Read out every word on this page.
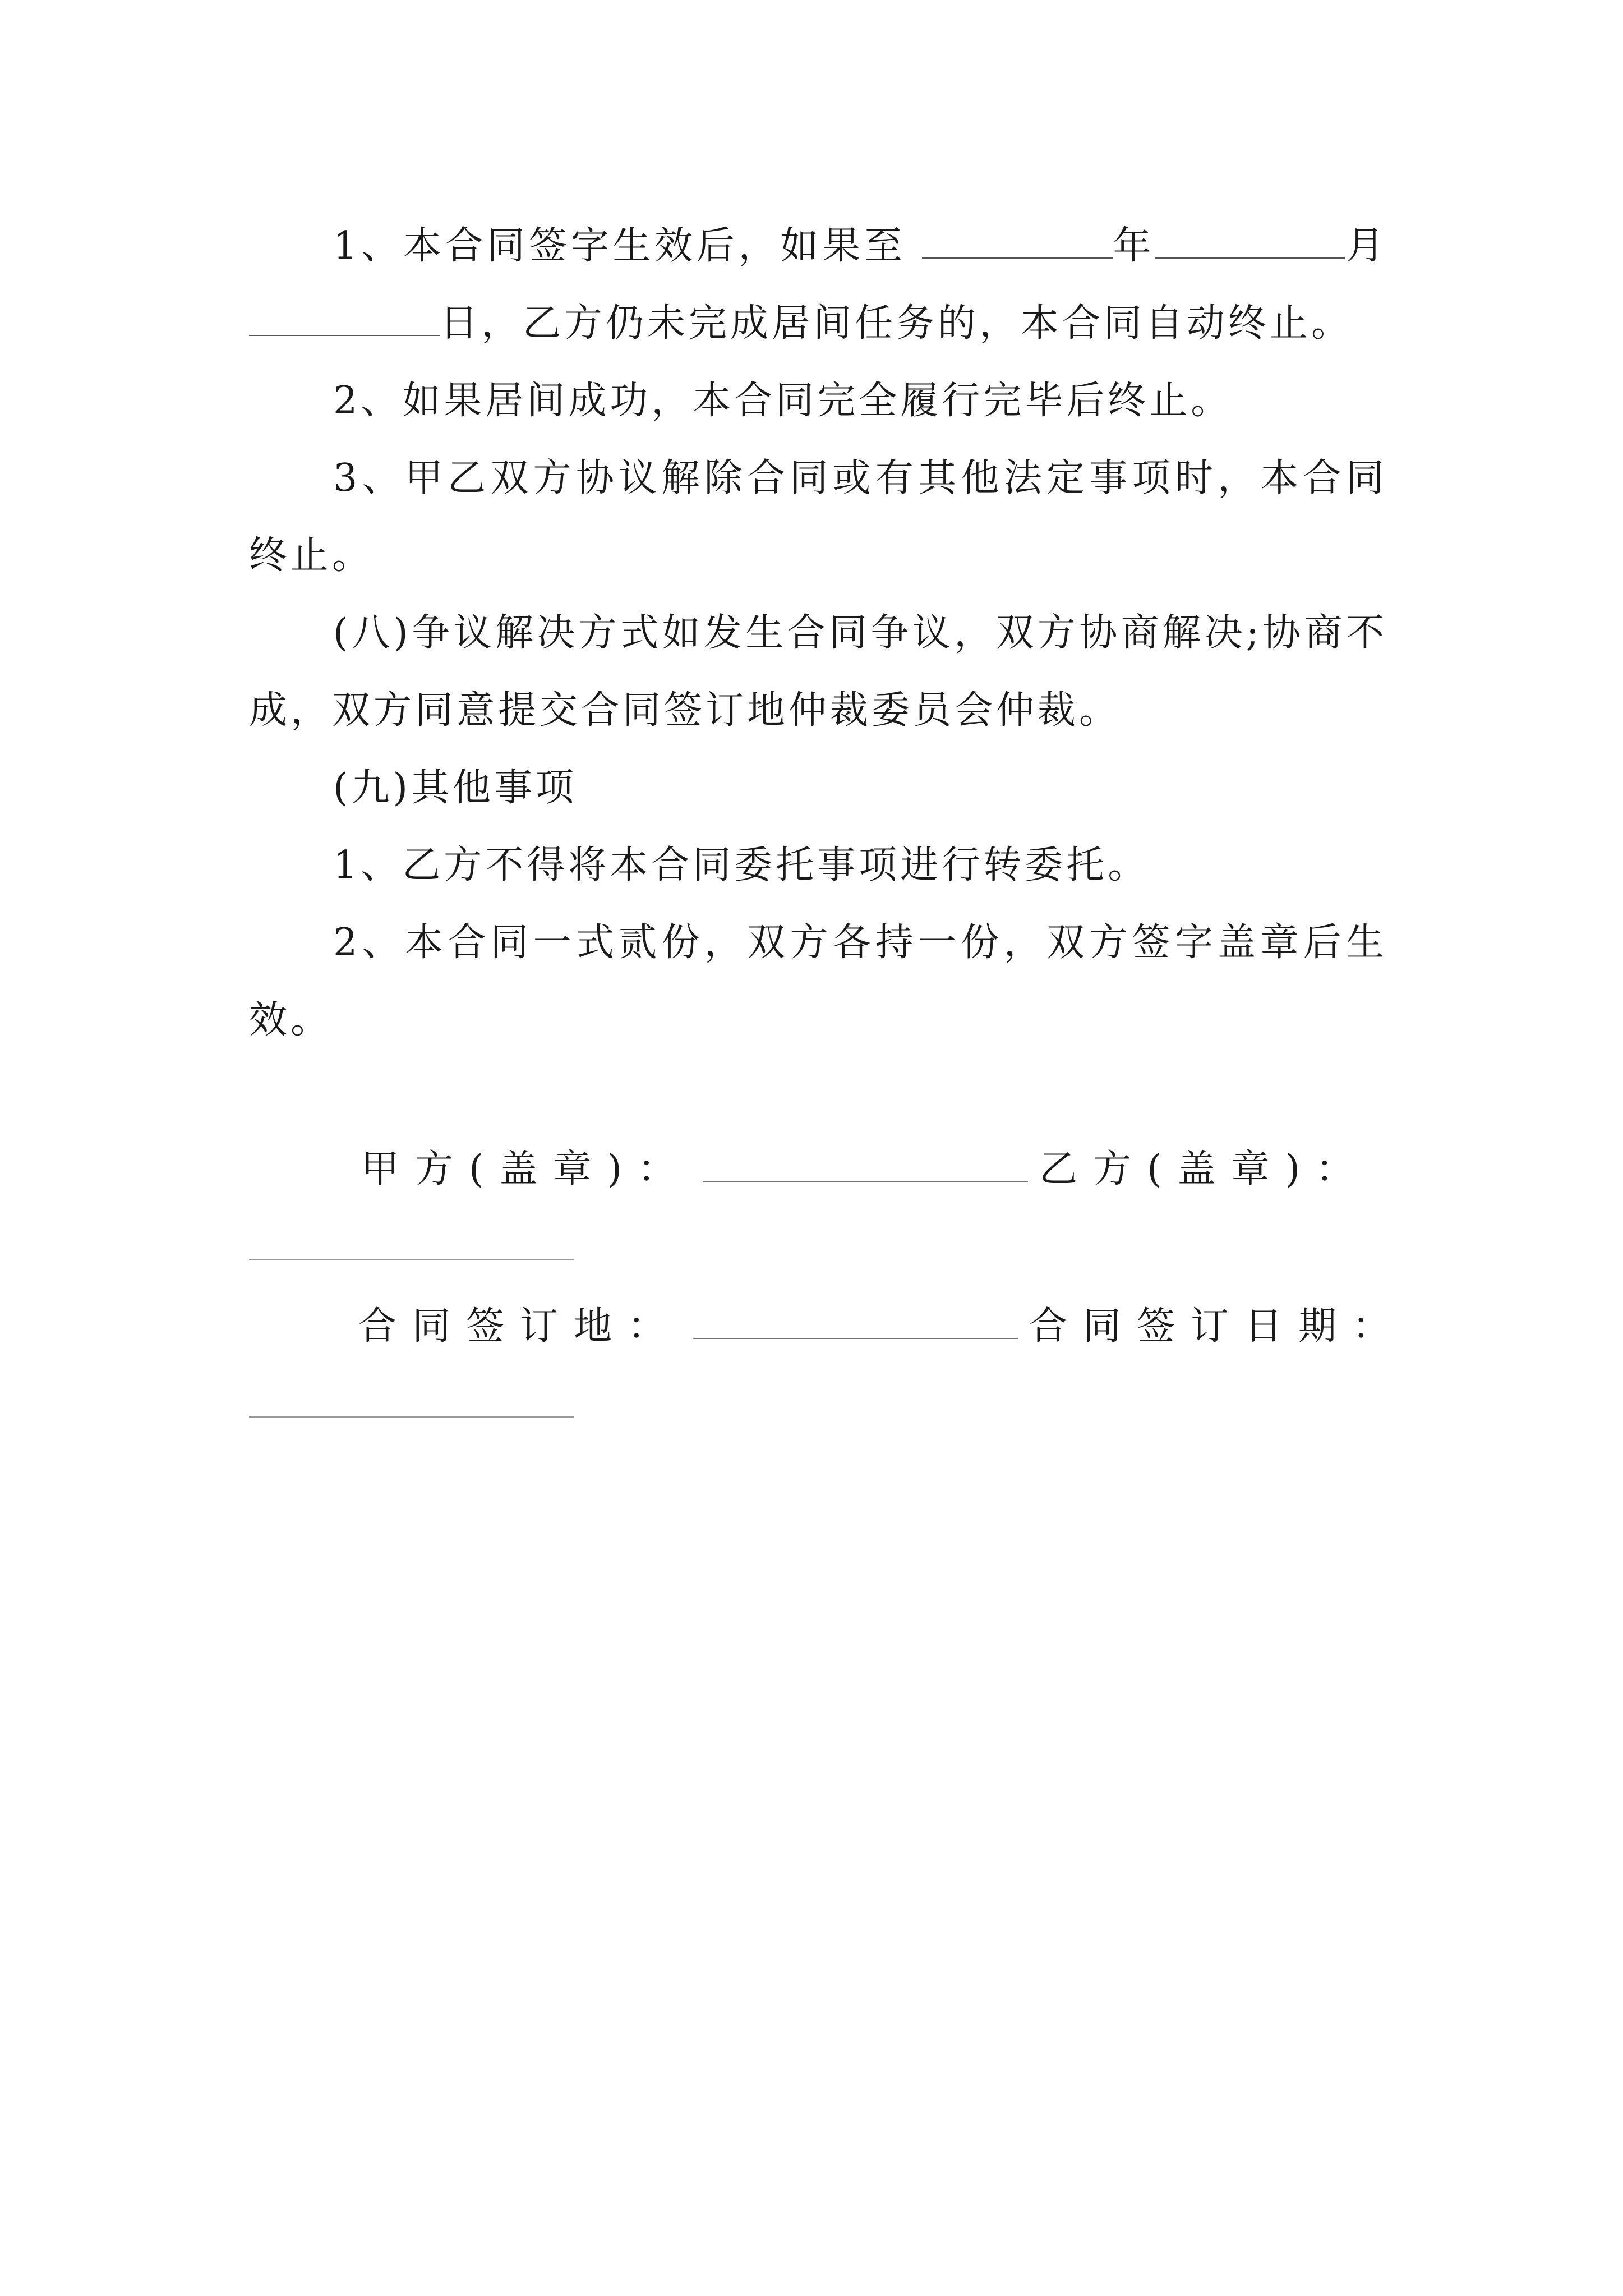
1、本合同签字生效后，如果至	年	月日，乙方仍未完成居间任务的，本合同自动终止。

2、如果居间成功，本合同完全履行完毕后终止。

3、甲乙双方协议解除合同或有其他法定事项时，本合同终止。

(八)争议解决方式如发生合同争议，双方协商解决;协商不成，双方同意提交合同签订地仲裁委员会仲裁。

(九)其他事项

1、乙方不得将本合同委托事项进行转委托。

2、本合同一式贰份，双方各持一份，双方签字盖章后生效。

甲方(盖章)：	乙方(盖章)：
合同签订地：	合同签订日期：
